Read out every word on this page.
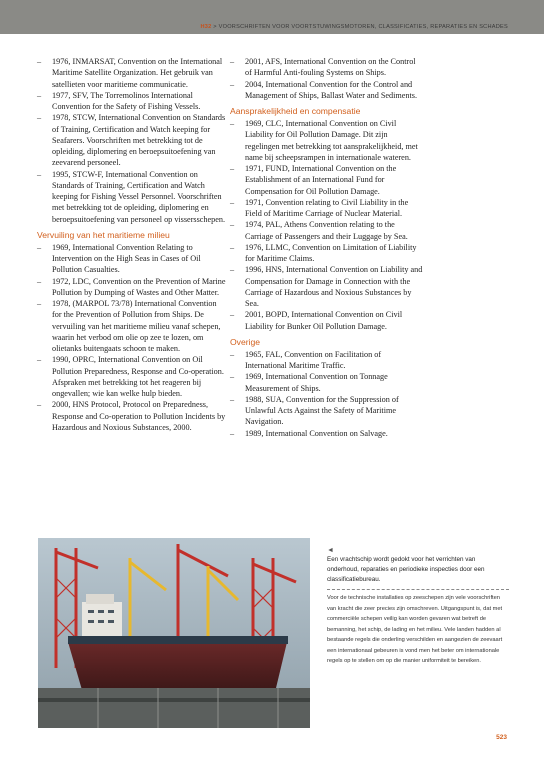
H32 > VOORSCHRIFTEN VOOR VOORTSTUWINGSMOTOREN, CLASSIFICATIES, REPARATIES EN SCHADES
– 1976, INMARSAT, Convention on the International Maritime Satellite Organization. Het gebruik van satellieten voor maritieme communicatie.
– 1977, SFV, The Torremolinos International Convention for the Safety of Fishing Vessels.
– 1978, STCW, International Convention on Standards of Training, Certification and Watch keeping for Seafarers. Voorschriften met betrekking tot de opleiding, diplomering en beroepsuitoefening van zeevarend personeel.
– 1995, STCW-F, International Convention on Standards of Training, Certification and Watch keeping for Fishing Vessel Personnel. Voorschriften met betrekking tot de opleiding, diplomering en beroepsuitoefening van personeel op vissersschepen.
Vervuiling van het maritieme milieu
– 1969, International Convention Relating to Intervention on the High Seas in Cases of Oil Pollution Casualties.
– 1972, LDC, Convention on the Prevention of Marine Pollution by Dumping of Wastes and Other Matter.
– 1978, (MARPOL 73/78) International Convention for the Prevention of Pollution from Ships. De vervuiling van het maritieme milieu vanaf schepen, waarin het verbod om olie op zee te lozen, om olietanks buitengaats schoon te maken.
– 1990, OPRC, International Convention on Oil Pollution Preparedness, Response and Co-operation. Afspraken met betrekking tot het reageren bij ongevallen; wie kan welke hulp bieden.
– 2000, HNS Protocol, Protocol on Preparedness, Response and Co-operation to Pollution Incidents by Hazardous and Noxious Substances, 2000.
– 2001, AFS, International Convention on the Control of Harmful Anti-fouling Systems on Ships.
– 2004, International Convention for the Control and Management of Ships, Ballast Water and Sediments.
Aansprakelijkheid en compensatie
– 1969, CLC, International Convention on Civil Liability for Oil Pollution Damage. Dit zijn regelingen met betrekking tot aansprakelijkheid, met name bij scheepsrampen in internationale wateren.
– 1971, FUND, International Convention on the Establishment of an International Fund for Compensation for Oil Pollution Damage.
– 1971, Convention relating to Civil Liability in the Field of Maritime Carriage of Nuclear Material.
– 1974, PAL, Athens Convention relating to the Carriage of Passengers and their Luggage by Sea.
– 1976, LLMC, Convention on Limitation of Liability for Maritime Claims.
– 1996, HNS, International Convention on Liability and Compensation for Damage in Connection with the Carriage of Hazardous and Noxious Substances by Sea.
– 2001, BOPD, International Convention on Civil Liability for Bunker Oil Pollution Damage.
Overige
– 1965, FAL, Convention on Facilitation of International Maritime Traffic.
– 1969, International Convention on Tonnage Measurement of Ships.
– 1988, SUA, Convention for the Suppression of Unlawful Acts Against the Safety of Maritime Navigation.
– 1989, International Convention on Salvage.
◄
Een vrachtschip wordt gedokt voor het verrichten van onderhoud, reparaties en periodieke inspecties door een classificatiebureau.
Voor de technische installaties op zeeschepen zijn vele voorschriften van kracht die zeer precies zijn omschreven. Uitgangspunt is, dat met commerciële schepen veilig kan worden gevaren wat betreft de bemanning, het schip, de lading en het milieu. Vele landen hadden al bestaande regels die onderling verschilden en aangezien de zeevaart een internationaal gebeuren is vond men het beter om internationale regels op te stellen om op die manier uniformiteit te bereiken.
523
